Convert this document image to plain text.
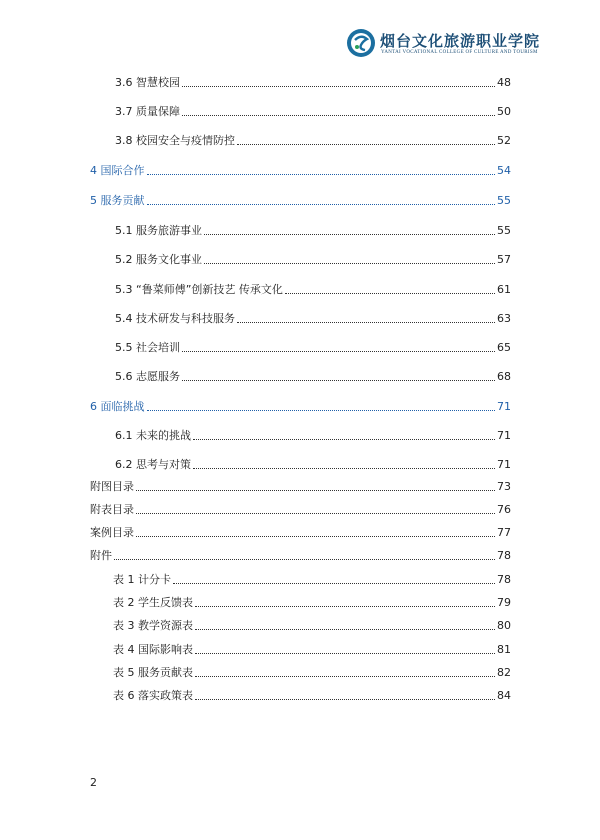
烟台文化旅游职业学院
YANTAI VOCATIONAL COLLEGE OF CULTURE AND TOURISM
3.6 智慧校园	48
3.7 质量保障	50
3.8 校园安全与疫情防控	52
4 国际合作	54
5 服务贡献	55
5.1 服务旅游事业	55
5.2 服务文化事业	57
5.3 “鲁菜师傅”创新技艺 传承文化	61
5.4 技术研发与科技服务	63
5.5 社会培训	65
5.6 志愿服务	68
6 面临挑战	71
6.1 未来的挑战	71
6.2 思考与对策	71
附图目录	73
附表目录	76
案例目录	77
附件	78
表 1 计分卡	78
表 2 学生反馈表	79
表 3 教学资源表	80
表 4 国际影响表	81
表 5 服务贡献表	82
表 6 落实政策表	84
2
